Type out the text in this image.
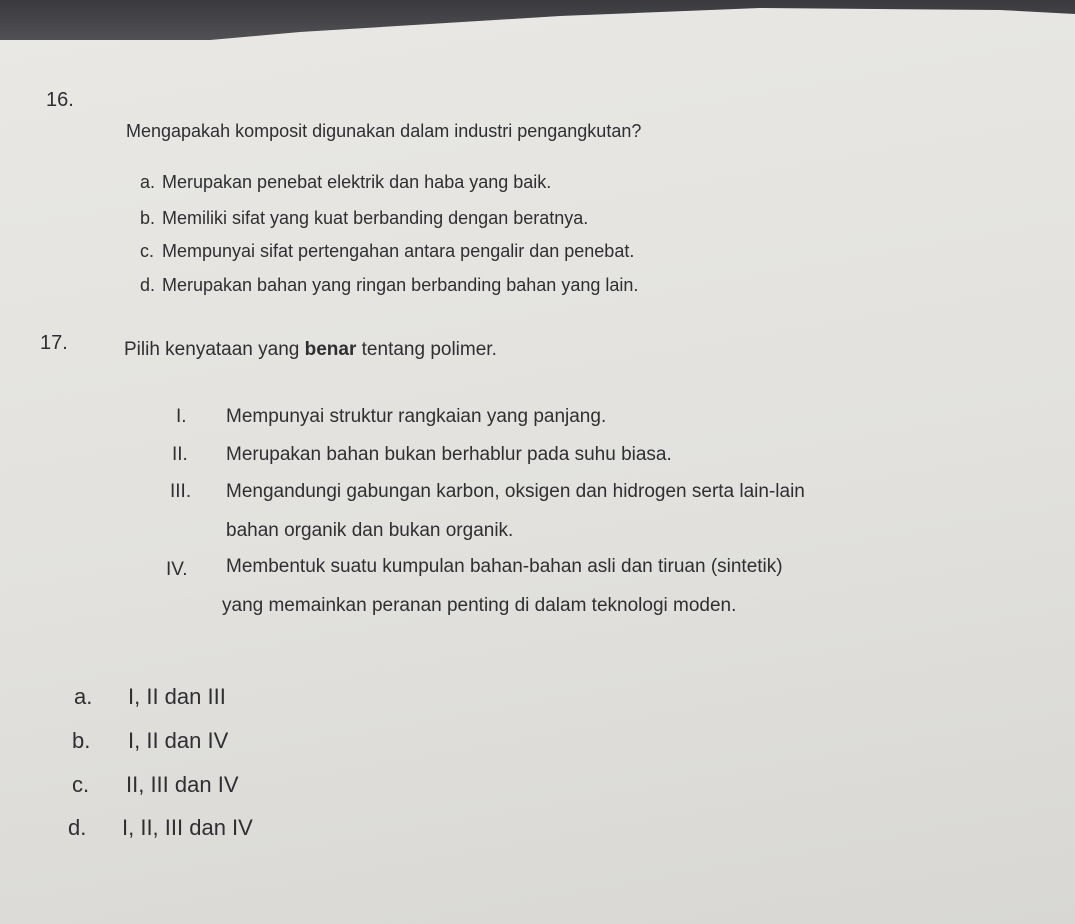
16.
Mengapakah komposit digunakan dalam industri pengangkutan?
a. Merupakan penebat elektrik dan haba yang baik.
b. Memiliki sifat yang kuat berbanding dengan beratnya.
c. Mempunyai sifat pertengahan antara pengalir dan penebat.
d. Merupakan bahan yang ringan berbanding bahan yang lain.
17.	Pilih kenyataan yang benar tentang polimer.
I. Mempunyai struktur rangkaian yang panjang.
II. Merupakan bahan bukan berhablur pada suhu biasa.
III. Mengandungi gabungan karbon, oksigen dan hidrogen serta lain-lain
bahan organik dan bukan organik.
IV. Membentuk suatu kumpulan bahan-bahan asli dan tiruan (sintetik)
yang memainkan peranan penting di dalam teknologi moden.
a. I, II dan III
b. I, II dan IV
c. II, III dan IV
d. I, II, III dan IV
